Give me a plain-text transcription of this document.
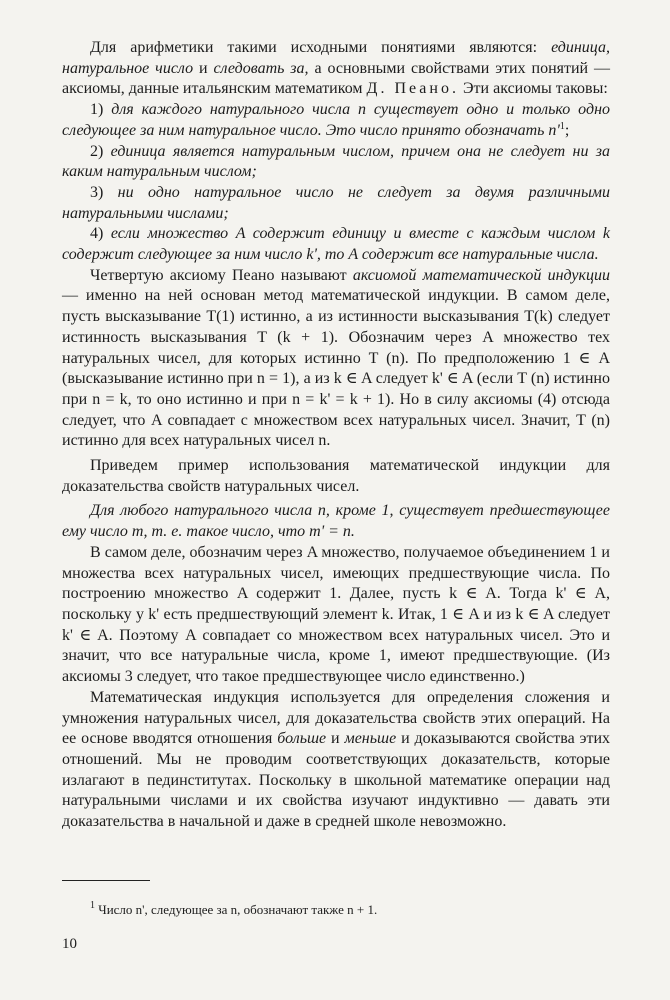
Для арифметики такими исходными понятиями являются: единица, натуральное число и следовать за, а основными свойствами этих понятий — аксиомы, данные итальянским математиком Д. Пеано. Эти аксиомы таковы:

1) для каждого натурального числа n существует одно и только одно следующее за ним натуральное число. Это число принято обозначать $n'^1$;

2) единица является натуральным числом, причем она не следует ни за каким натуральным числом;

3) ни одно натуральное число не следует за двумя различными натуральными числами;

4) если множество A содержит единицу и вместе с каждым числом k содержит следующее за ним число k', то A содержит все натуральные числа.

Четвертую аксиому Пеано называют аксиомой математической индукции — именно на ней основан метод математической индукции. В самом деле, пусть высказывание T(1) истинно, а из истинности высказывания T(k) следует истинность высказывания T (k + 1). Обозначим через A множество тех натуральных чисел, для которых истинно T (n). По предположению 1 ∈ A (высказывание истинно при n = 1), а из k ∈ A следует k' ∈ A (если T (n) истинно при n = k, то оно истинно и при n = k' = k + 1). Но в силу аксиомы (4) отсюда следует, что A совпадает с множеством всех натуральных чисел. Значит, T (n) истинно для всех натуральных чисел n.

Приведем пример использования математической индукции для доказательства свойств натуральных чисел.

Для любого натурального числа n, кроме 1, существует предшествующее ему число m, т. е. такое число, что m' = n.

В самом деле, обозначим через A множество, получаемое объединением 1 и множества всех натуральных чисел, имеющих предшествующие числа. По построению множество A содержит 1. Далее, пусть k ∈ A. Тогда k' ∈ A, поскольку у k' есть предшествующий элемент k. Итак, 1 ∈ A и из k ∈ A следует k' ∈ A. Поэтому A совпадает со множеством всех натуральных чисел. Это и значит, что все натуральные числа, кроме 1, имеют предшествующие. (Из аксиомы 3 следует, что такое предшествующее число единственно.)

Математическая индукция используется для определения сложения и умножения натуральных чисел, для доказательства свойств этих операций. На ее основе вводятся отношения больше и меньше и доказываются свойства этих отношений. Мы не проводим соответствующих доказательств, которые излагают в пединститутах. Поскольку в школьной математике операции над натуральными числами и их свойства изучают индуктивно — давать эти доказательства в начальной и даже в средней школе невозможно.

$^1$ Число n', следующее за n, обозначают также n + 1.
10
